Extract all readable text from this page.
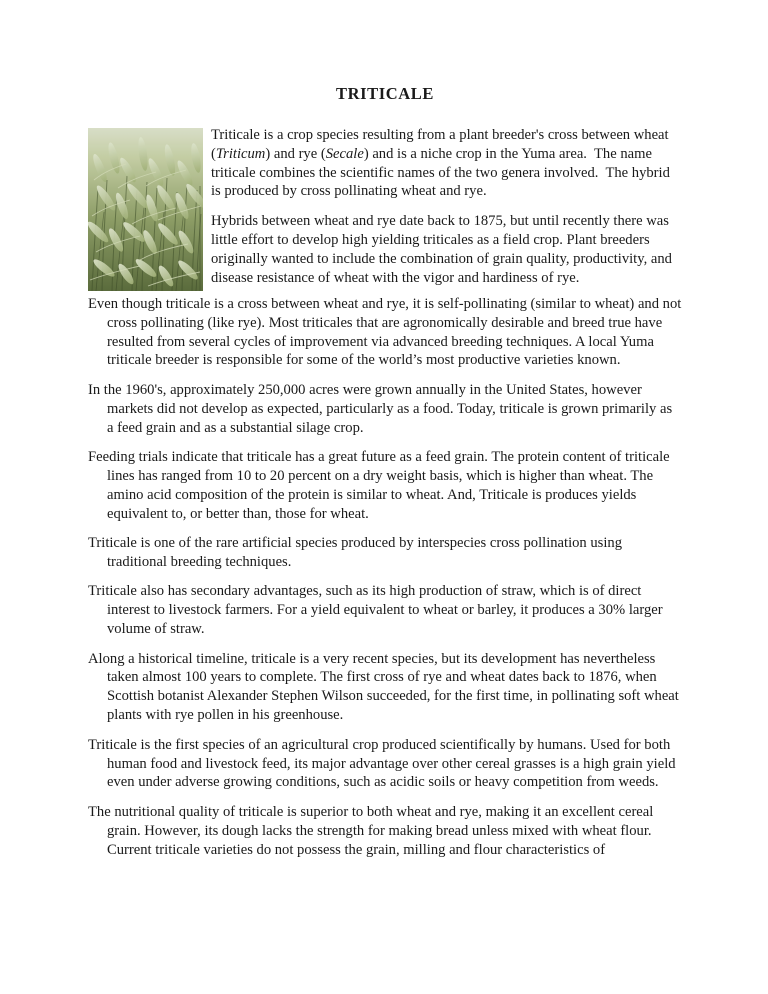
TRITICALE

Triticale is a crop species resulting from a plant breeder's cross between wheat (Triticum) and rye (Secale) and is a niche crop in the Yuma area.  The name triticale combines the scientific names of the two genera involved.  The hybrid is produced by cross pollinating wheat and rye.

Hybrids between wheat and rye date back to 1875, but until recently there was little effort to develop high yielding triticales as a field crop. Plant breeders originally wanted to include the combination of grain quality, productivity, and disease resistance of wheat with the vigor and hardiness of rye.

Even though triticale is a cross between wheat and rye, it is self-pollinating (similar to wheat) and not cross pollinating (like rye). Most triticales that are agronomically desirable and breed true have resulted from several cycles of improvement via advanced breeding techniques. A local Yuma triticale breeder is responsible for some of the world’s most productive varieties known.

In the 1960's, approximately 250,000 acres were grown annually in the United States, however markets did not develop as expected, particularly as a food. Today, triticale is grown primarily as a feed grain and as a substantial silage crop.

Feeding trials indicate that triticale has a great future as a feed grain. The protein content of triticale lines has ranged from 10 to 20 percent on a dry weight basis, which is higher than wheat. The amino acid composition of the protein is similar to wheat. And, Triticale is produces yields equivalent to, or better than, those for wheat.

Triticale is one of the rare artificial species produced by interspecies cross pollination using traditional breeding techniques.

Triticale also has secondary advantages, such as its high production of straw, which is of direct interest to livestock farmers. For a yield equivalent to wheat or barley, it produces a 30% larger volume of straw.

Along a historical timeline, triticale is a very recent species, but its development has nevertheless taken almost 100 years to complete. The first cross of rye and wheat dates back to 1876, when Scottish botanist Alexander Stephen Wilson succeeded, for the first time, in pollinating soft wheat plants with rye pollen in his greenhouse.

Triticale is the first species of an agricultural crop produced scientifically by humans. Used for both human food and livestock feed, its major advantage over other cereal grasses is a high grain yield even under adverse growing conditions, such as acidic soils or heavy competition from weeds.

The nutritional quality of triticale is superior to both wheat and rye, making it an excellent cereal grain. However, its dough lacks the strength for making bread unless mixed with wheat flour. Current triticale varieties do not possess the grain, milling and flour characteristics of
